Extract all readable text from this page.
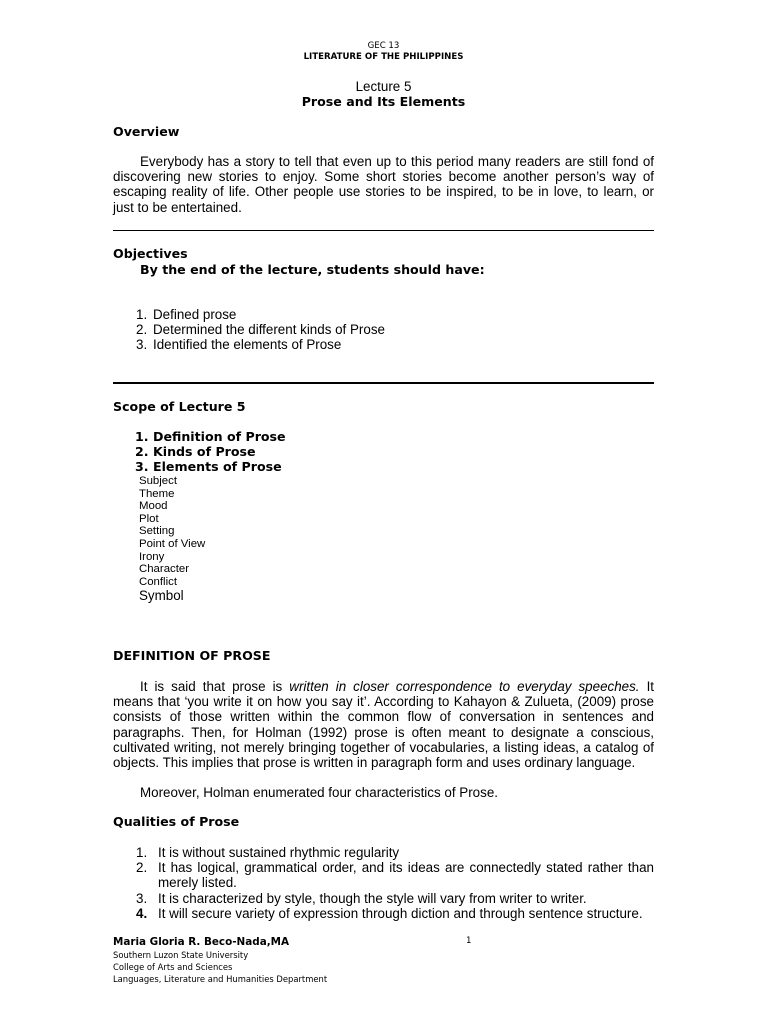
GEC 13
LITERATURE OF THE PHILIPPINES
Lecture 5
Prose and Its Elements
Overview

Everybody has a story to tell that even up to this period many readers are still fond of discovering new stories to enjoy. Some short stories become another person’s way of escaping reality of life. Other people use stories to be inspired, to be in love, to learn, or just to be entertained.

Objectives
By the end of the lecture, students should have:
1. Defined prose
2. Determined the different kinds of Prose
3. Identified the elements of Prose
Scope of Lecture 5
1. Definition of Prose
2. Kinds of Prose
3. Elements of Prose
Subject
Theme
Mood
Plot
Setting
Point of View
Irony
Character
Conflict
Symbol
DEFINITION OF PROSE

It is said that prose is written in closer correspondence to everyday speeches. It means that ‘you write it on how you say it’. According to Kahayon & Zulueta, (2009) prose consists of those written within the common flow of conversation in sentences and paragraphs. Then, for Holman (1992) prose is often meant to designate a conscious, cultivated writing, not merely bringing together of vocabularies, a listing ideas, a catalog of objects. This implies that prose is written in paragraph form and uses ordinary language.

Moreover, Holman enumerated four characteristics of Prose.

Qualities of Prose
1. It is without sustained rhythmic regularity
2. It has logical, grammatical order, and its ideas are connectedly stated rather than merely listed.
3. It is characterized by style, though the style will vary from writer to writer.
4. It will secure variety of expression through diction and through sentence structure.
Maria Gloria R. Beco-Nada,MA	1
Southern Luzon State University
College of Arts and Sciences
Languages, Literature and Humanities Department
